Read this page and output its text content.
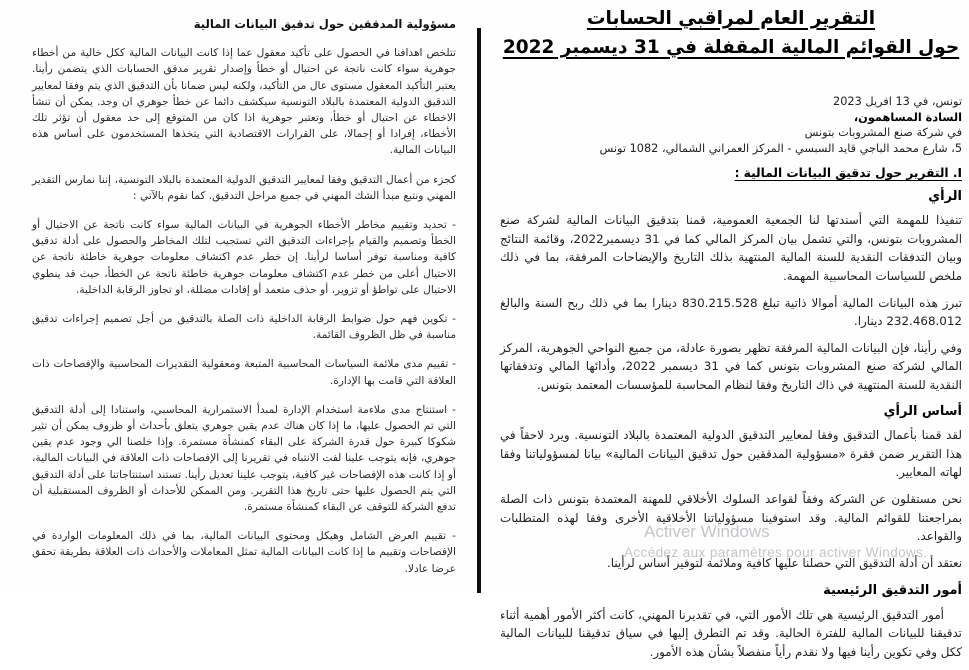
مسؤولية المدققين حول تدقيق البيانات المالية

تتلخص اهدافنا في الحصول على تأكيد معقول عما إذا كانت البيانات المالية ككل خالية من أخطاء جوهرية سواء كانت ناتجة عن احتيال أو خطأ وإصدار تقرير مدقق الحسابات الذي يتضمن رأينا. يعتبر التأكيد المعقول مستوى عال من التأكيد، ولكنه ليس ضمانا بأن التدقيق الذي يتم وفقا لمعايير التدقيق الدولية المعتمدة بالبلاد التونسية سيكشف دائما عن خطأ جوهري ان وجد. يمكن أن تنشأ الاخطاء عن احتيال أو خطأ، وتعتبر جوهرية اذا كان من المتوقع إلى حد معقول أن تؤثر تلك الأخطاء، إفرادا أو إجمالا، على القرارات الاقتصادية التي يتخذها المستخدمون على أساس هذه البيانات المالية.

كجزء من أعمال التدقيق وفقا لمعايير التدقيق الدولية المعتمدة بالبلاد التونسية، إننا نمارس التقدير المهني ونتبع مبدأ الشك المهني في جميع مراحل التدقيق. كما نقوم بالآتي :

- تحديد وتقييم مخاطر الأخطاء الجوهرية في البيانات المالية سواء كانت ناتجة عن الاحتيال أو الخطأ وتصميم والقيام بإجراءات التدقيق التي تستجيب لتلك المخاطر والحصول على أدلة تدقيق كافية ومناسبة توفر أساسا لرأينا. إن خطر عدم اكتشاف معلومات جوهرية خاطئة ناتجة عن الاحتيال أعلى من خطر عدم اكتشاف معلومات جوهرية خاطئة ناتجة عن الخطأ، حيث قد ينطوي الاحتيال على تواطؤ أو تزوير، أو حذف متعمد أو إفادات مضللة، او تجاوز الرقابة الداخلية.

- تكوين فهم حول ضوابط الرقابة الداخلية ذات الصلة بالتدقيق من أجل تصميم إجراءات تدقيق مناسبة في ظل الظروف القائمة.

- تقييم مدى ملائمة السياسات المحاسبية المتبعة ومعقولية التقديرات المحاسبية والإفصاحات ذات العلاقة التي قامت بها الإدارة.

- استنتاج مدى ملاءمة استخدام الإدارة لمبدأ الاستمرارية المحاسبي، واستنادا إلى أدلة التدقيق التي تم الحصول عليها، ما إذا كان هناك عدم يقين جوهري يتعلق بأحداث أو ظروف يمكن أن تثير شكوكا كبيرة حول قدرة الشركة على البقاء كمنشأة مستمرة. وإذا خلصنا الي وجود عدم يقين جوهري، فإنه يتوجب علينا لفت الانتباه في تقريرنا إلى الإفصاحات ذات العلاقة في البيانات المالية، أو إذا كانت هذه الإفصاحات غير كافية، يتوجب علينا تعديل رأينا. تستند استنتاجاتنا على أدلة التدقيق التي يتم الحصول عليها حتى تاريخ هذا التقرير. ومن الممكن للأحداث أو الظروف المستقبلية أن تدفع الشركة للتوقف عن البقاء كمنشأة مستمرة.

- تقييم العرض الشامل وهيكل ومحتوى البيانات المالية، بما في ذلك المعلومات الواردة في الإفصاحات وتقييم ما إذا كانت البيانات المالية تمثل المعاملات والأحداث ذات العلاقة بطريقة تحقق عرضا عادلا.

التقرير العام لمراقبي الحسابات
حول القوائم المالية المقفلة في 31 ديسمبر 2022
تونس، في 13 افريل 2023
السادة المساهمون،
في شركة صنع المشروبات بتونس
5، شارع محمد الباجي قايد السبسي - المركز العمراني الشمالي، 1082 تونس
I. التقرير حول تدقيق البيانات المالية :
الرأي

تنفيذا للمهمة التي أسندتها لنا الجمعية العمومية، قمنا بتدقيق البيانات المالية لشركة صنع المشروبات بتونس، والتي تشمل بيان المركز المالي كما في 31 ديسمبر2022، وقائمة النتائج وبيان التدفقات النقدية للسنة المالية المنتهية بذلك التاريخ والإيضاحات المرفقة، بما في ذلك ملخص للسياسات المحاسبية المهمة.

تبرز هذه البيانات المالية أموالا ذاتية تبلغ 830.215.528 دينارا بما في ذلك ربح السنة والبالغ 232.468.012 دينارا.

وفي رأينا، فإن البيانات المالية المرفقة تظهر بصورة عادلة، من جميع النواحي الجوهرية، المركز المالي لشركة صنع المشروبات بتونس كما في 31 ديسمبر 2022، وأدائها المالي وتدفقاتها النقدية للسنة المنتهية في ذاك التاريخ وفقا لنظام المحاسبة للمؤسسات المعتمد بتونس.

أساس الرأي

لقد قمنا بأعمال التدقيق وفقا لمعايير التدقيق الدولية المعتمدة بالبلاد التونسية. ويرد لاحقاً في هذا التقرير ضمن فقرة «مسؤولية المدققين حول تدقيق البيانات المالية» بيانا لمسؤولياتنا وفقا لهاته المعايير.

نحن مستقلون عن الشركة وفقاً لقواعد السلوك الأخلاقي للمهنة المعتمدة بتونس ذات الصلة بمراجعتنا للقوائم المالية. وقد استوفينا مسؤولياتنا الأخلاقية الأخرى وفقا لهذه المتطلبات والقواعد.

نعتقد أن أدلة التدقيق التي حصلنا عليها كافية وملائمة لتوفير أساس لرأينا.

أمور التدقيق الرئيسية

أمور التدقيق الرئيسية هي تلك الأمور التي، في تقديرنا المهني، كانت أكثر الأمور أهمية أثناء تدقيقنا للبيانات المالية للفترة الحالية. وقد تم التطرق إليها في سياق تدقيقنا للبيانات المالية ككل وفي تكوين رأينا فيها ولا نقدم رأياً منفصلاً بشأن هذه الأمور.

Activer Windows
Accédez aux paramètres pour activer Windows.
